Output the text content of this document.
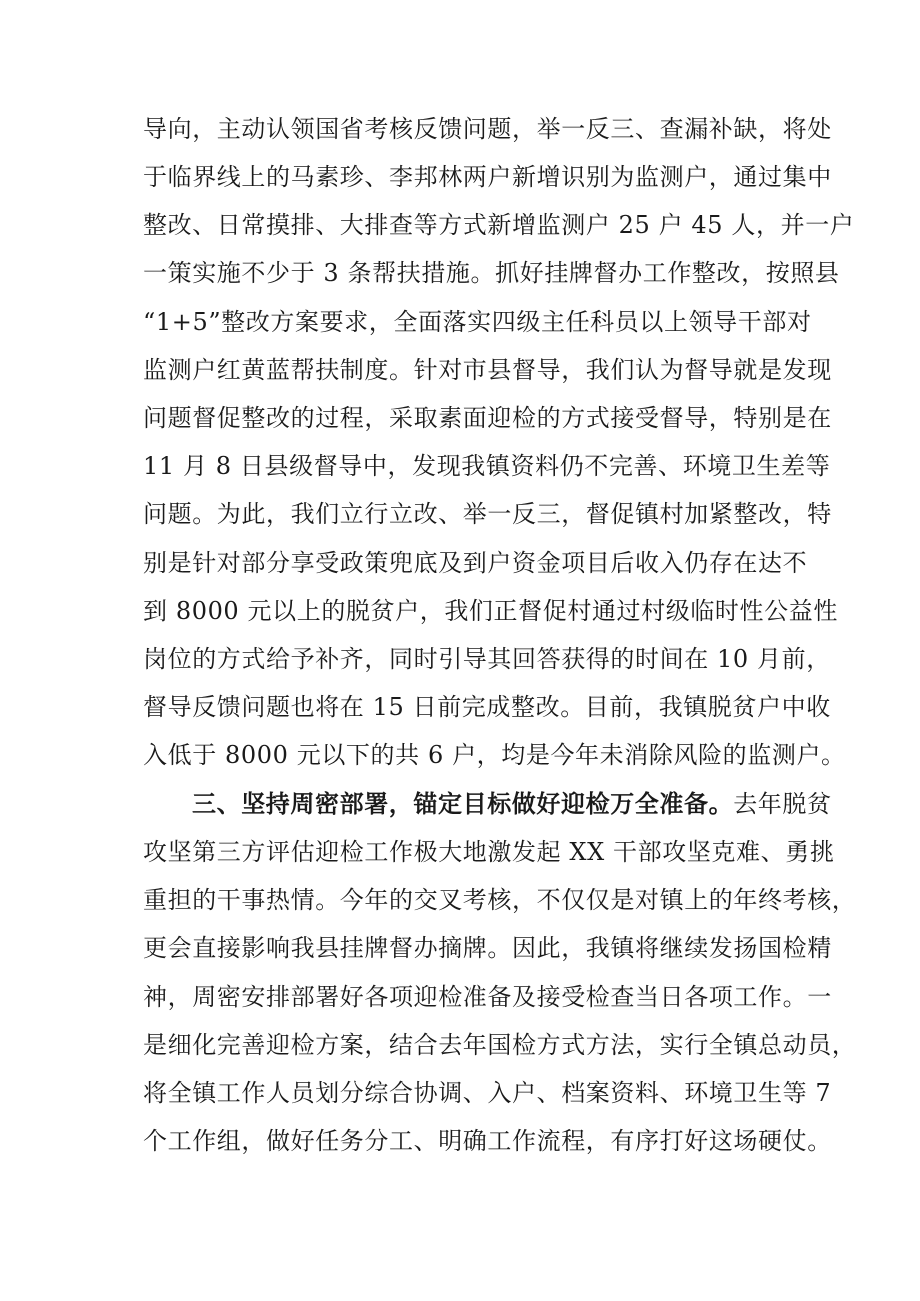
导向，主动认领国省考核反馈问题，举一反三、查漏补缺，将处
于临界线上的马素珍、李邦林两户新增识别为监测户，通过集中
整改、日常摸排、大排查等方式新增监测户 25 户 45 人，并一户
一策实施不少于 3 条帮扶措施。抓好挂牌督办工作整改，按照县
“1+5”整改方案要求，全面落实四级主任科员以上领导干部对
监测户红黄蓝帮扶制度。针对市县督导，我们认为督导就是发现
问题督促整改的过程，采取素面迎检的方式接受督导，特别是在
11 月 8 日县级督导中，发现我镇资料仍不完善、环境卫生差等
问题。为此，我们立行立改、举一反三，督促镇村加紧整改，特
别是针对部分享受政策兜底及到户资金项目后收入仍存在达不
到 8000 元以上的脱贫户，我们正督促村通过村级临时性公益性
岗位的方式给予补齐，同时引导其回答获得的时间在 10 月前，
督导反馈问题也将在 15 日前完成整改。目前，我镇脱贫户中收
入低于 8000 元以下的共 6 户，均是今年未消除风险的监测户。
三、坚持周密部署，锚定目标做好迎检万全准备。去年脱贫
攻坚第三方评估迎检工作极大地激发起 XX 干部攻坚克难、勇挑
重担的干事热情。今年的交叉考核，不仅仅是对镇上的年终考核，
更会直接影响我县挂牌督办摘牌。因此，我镇将继续发扬国检精
神，周密安排部署好各项迎检准备及接受检查当日各项工作。一
是细化完善迎检方案，结合去年国检方式方法，实行全镇总动员，
将全镇工作人员划分综合协调、入户、档案资料、环境卫生等 7
个工作组，做好任务分工、明确工作流程，有序打好这场硬仗。
